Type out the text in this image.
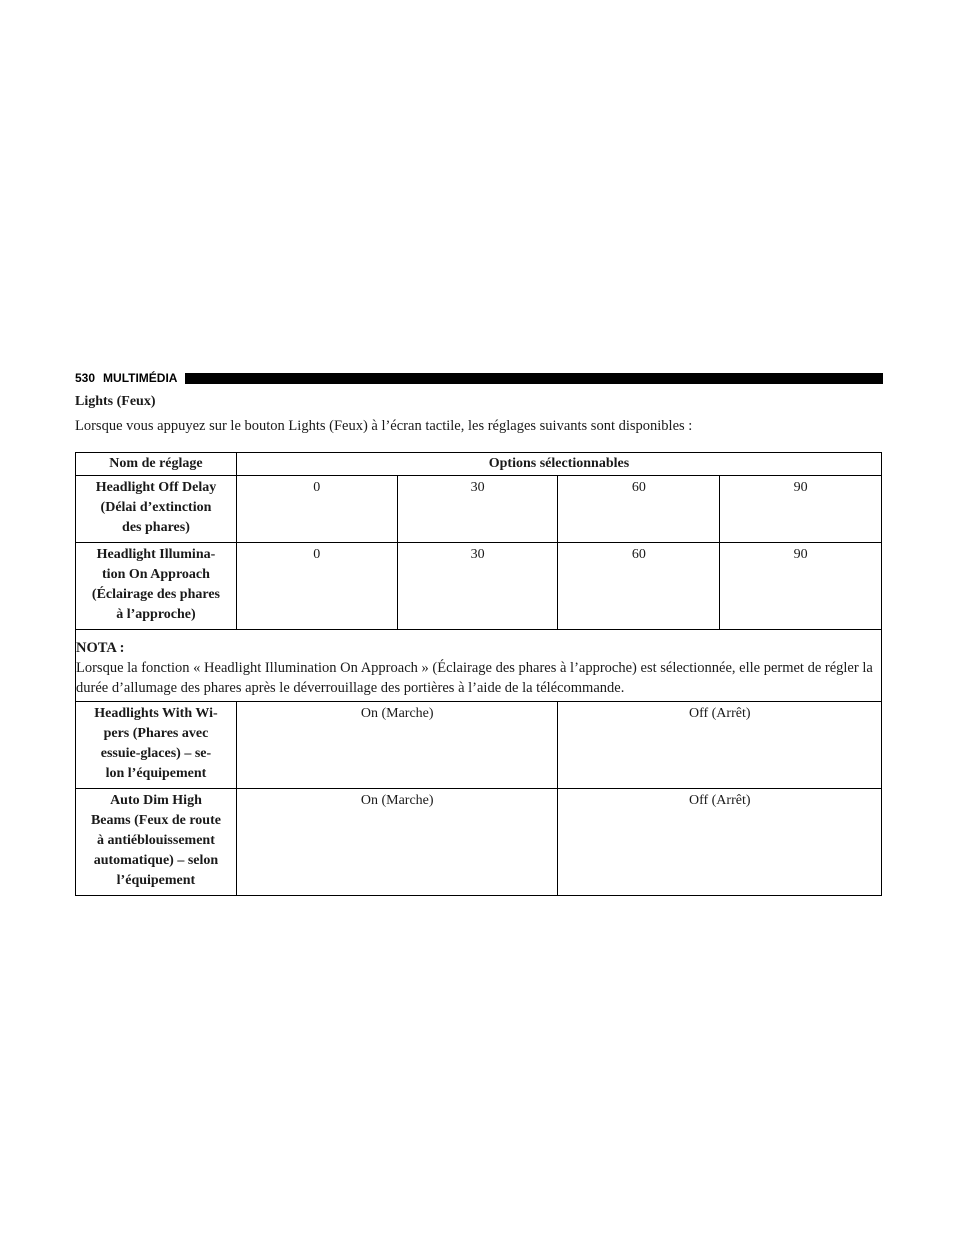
530 MULTIMÉDIA
Lights (Feux)
Lorsque vous appuyez sur le bouton Lights (Feux) à l’écran tactile, les réglages suivants sont disponibles :
Nom de réglage	Options sélectionnables			
Headlight Off Delay
(Délai d’extinction
des phares)	0	30	60	90
Headlight Illumina-
tion On Approach
(Éclairage des phares
à l’approche)	0	30	60	90

NOTA :
Lorsque la fonction « Headlight Illumination On Approach » (Éclairage des phares à l’approche) est sélectionnée, elle permet de régler la durée d’allumage des phares après le déverrouillage des portières à l’aide de la télécommande.				

Headlights With Wi-
pers (Phares avec
essuie-glaces) – se-
lon l’équipement	On (Marche)		Off (Arrêt)	
Auto Dim High
Beams (Feux de route
à antiéblouissement
automatique) – selon
l’équipement	On (Marche)		Off (Arrêt)	
